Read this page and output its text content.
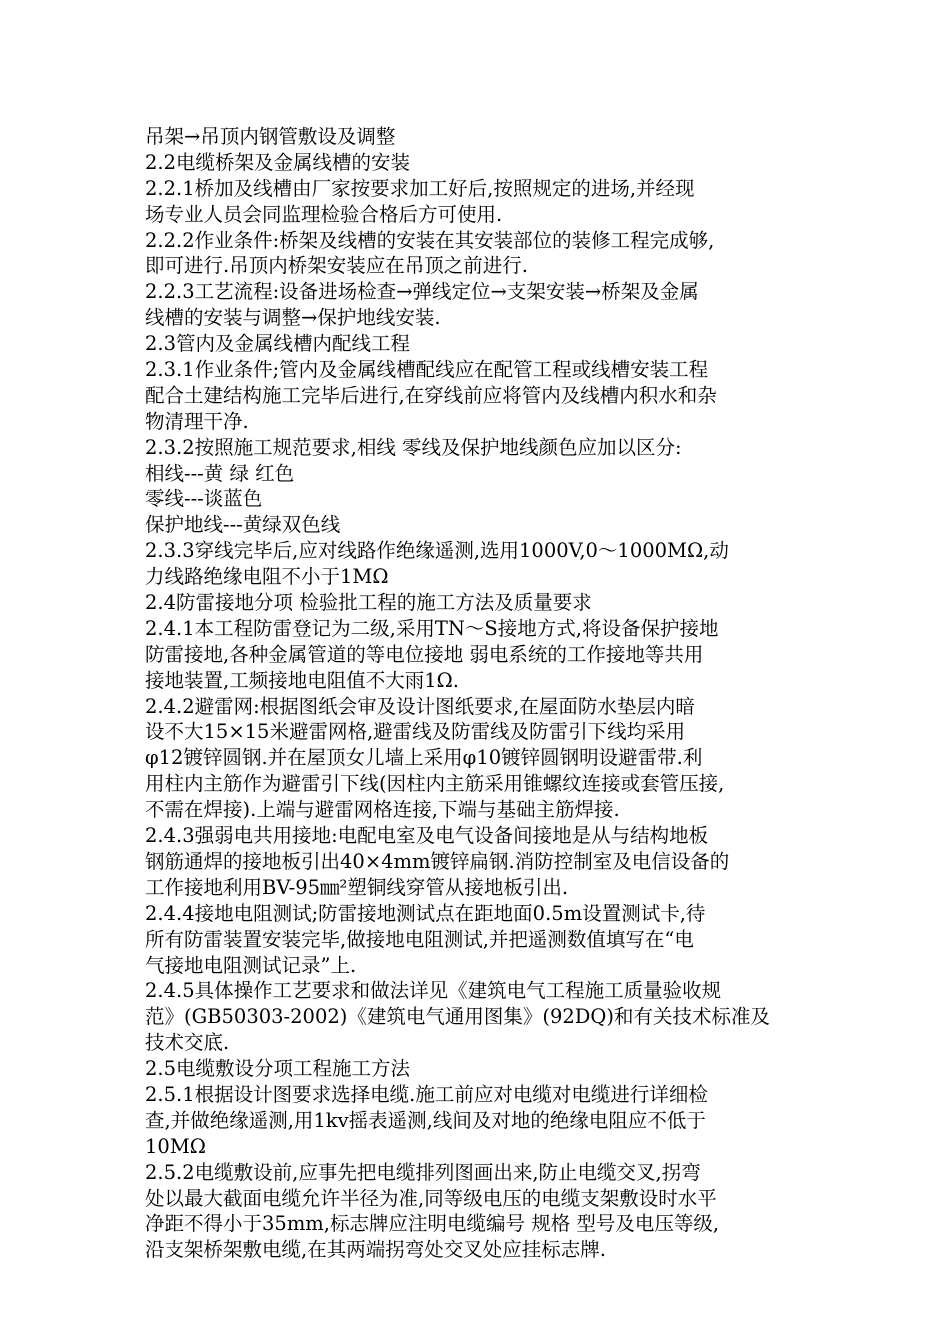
吊架→吊顶内钢管敷设及调整
2.2电缆桥架及金属线槽的安装
2.2.1桥加及线槽由厂家按要求加工好后,按照规定的进场,并经现
场专业人员会同监理检验合格后方可使用.
2.2.2作业条件:桥架及线槽的安装在其安装部位的装修工程完成够,
即可进行.吊顶内桥架安装应在吊顶之前进行.
2.2.3工艺流程:设备进场检查→弹线定位→支架安装→桥架及金属
线槽的安装与调整→保护地线安装.
2.3管内及金属线槽内配线工程
2.3.1作业条件;管内及金属线槽配线应在配管工程或线槽安装工程
配合土建结构施工完毕后进行,在穿线前应将管内及线槽内积水和杂
物清理干净.
2.3.2按照施工规范要求,相线 零线及保护地线颜色应加以区分:
相线---黄 绿 红色
零线---谈蓝色
保护地线---黄绿双色线
2.3.3穿线完毕后,应对线路作绝缘遥测,选用1000V,0～1000MΩ,动
力线路绝缘电阻不小于1MΩ
2.4防雷接地分项 检验批工程的施工方法及质量要求
2.4.1本工程防雷登记为二级,采用TN～S接地方式,将设备保护接地
防雷接地,各种金属管道的等电位接地 弱电系统的工作接地等共用
接地装置,工频接地电阻值不大雨1Ω.
2.4.2避雷网:根据图纸会审及设计图纸要求,在屋面防水垫层内暗
设不大15×15米避雷网格,避雷线及防雷线及防雷引下线均采用
φ12镀锌圆钢.并在屋顶女儿墙上采用φ10镀锌圆钢明设避雷带.利
用柱内主筋作为避雷引下线(因柱内主筋采用锥螺纹连接或套管压接,
不需在焊接).上端与避雷网格连接,下端与基础主筋焊接.
2.4.3强弱电共用接地:电配电室及电气设备间接地是从与结构地板
钢筋通焊的接地板引出40×4mm镀锌扁钢.消防控制室及电信设备的
工作接地利用BV-95㎜²塑铜线穿管从接地板引出.
2.4.4接地电阻测试;防雷接地测试点在距地面0.5m设置测试卡,待
所有防雷装置安装完毕,做接地电阻测试,并把遥测数值填写在“电
气接地电阻测试记录”上.
2.4.5具体操作工艺要求和做法详见《建筑电气工程施工质量验收规
范》(GB50303-2002)《建筑电气通用图集》(92DQ)和有关技术标准及
技术交底.
2.5电缆敷设分项工程施工方法
2.5.1根据设计图要求选择电缆.施工前应对电缆对电缆进行详细检
查,并做绝缘遥测,用1kv摇表遥测,线间及对地的绝缘电阻应不低于
10MΩ
2.5.2电缆敷设前,应事先把电缆排列图画出来,防止电缆交叉,拐弯
处以最大截面电缆允许半径为准,同等级电压的电缆支架敷设时水平
净距不得小于35mm,标志牌应注明电缆编号 规格 型号及电压等级,
沿支架桥架敷电缆,在其两端拐弯处交叉处应挂标志牌.
